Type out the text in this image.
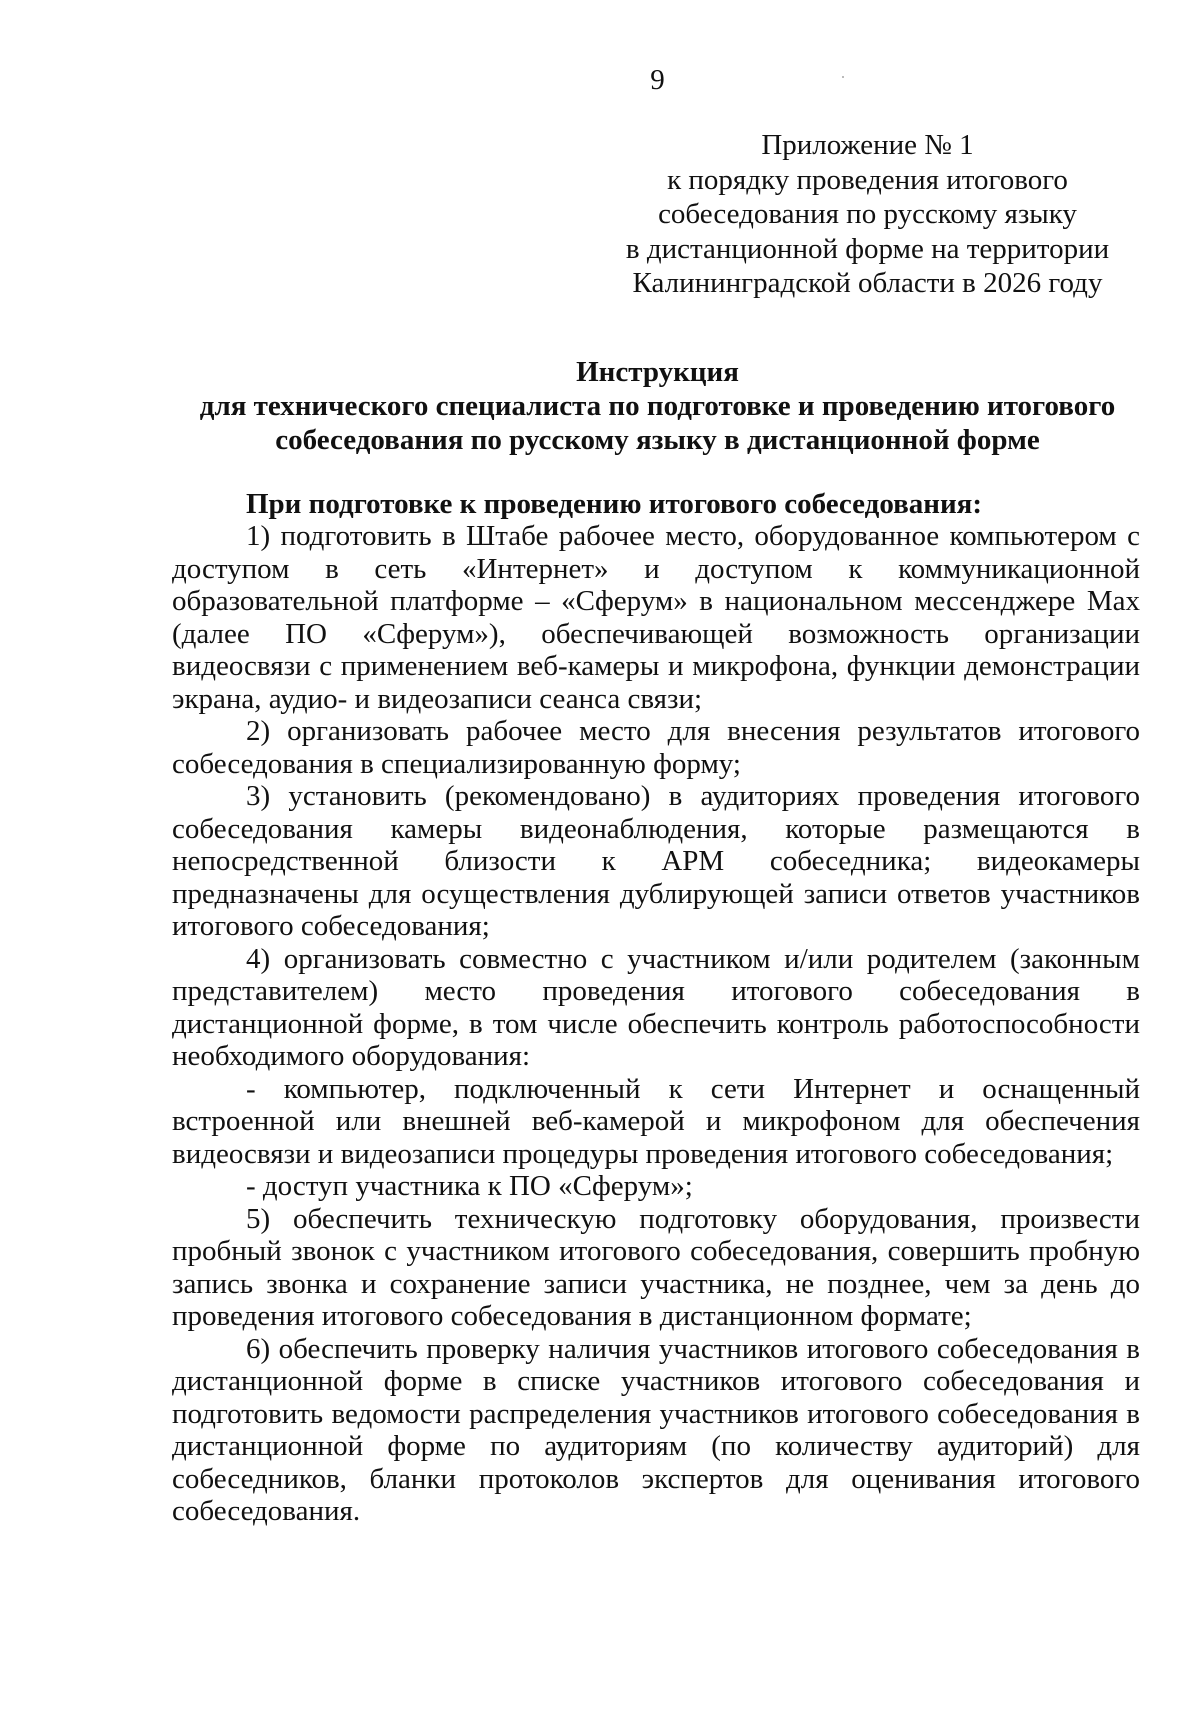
9
Приложение № 1
к порядку проведения итогового
собеседования по русскому языку
в дистанционной форме на территории
Калининградской области в 2026 году
Инструкция
для технического специалиста по подготовке и проведению итогового
собеседования по русскому языку в дистанционной форме
При подготовке к проведению итогового собеседования:

1) подготовить в Штабе рабочее место, оборудованное компьютером с доступом в сеть «Интернет» и доступом к коммуникационной образовательной платформе – «Сферум» в национальном мессенджере Max (далее ПО «Сферум»), обеспечивающей возможность организации видеосвязи с применением веб-камеры и микрофона, функции демонстрации экрана, аудио- и видеозаписи сеанса связи;

2) организовать рабочее место для внесения результатов итогового собеседования в специализированную форму;

3) установить (рекомендовано) в аудиториях проведения итогового собеседования камеры видеонаблюдения, которые размещаются в непосредственной близости к АРМ собеседника; видеокамеры предназначены для осуществления дублирующей записи ответов участников итогового собеседования;

4) организовать совместно с участником и/или родителем (законным представителем) место проведения итогового собеседования в дистанционной форме, в том числе обеспечить контроль работоспособности необходимого оборудования:

- компьютер, подключенный к сети Интернет и оснащенный встроенной или внешней веб-камерой и микрофоном для обеспечения видеосвязи и видеозаписи процедуры проведения итогового собеседования;

- доступ участника к ПО «Сферум»;

5) обеспечить техническую подготовку оборудования, произвести пробный звонок с участником итогового собеседования, совершить пробную запись звонка и сохранение записи участника, не позднее, чем за день до проведения итогового собеседования в дистанционном формате;

6) обеспечить проверку наличия участников итогового собеседования в дистанционной форме в списке участников итогового собеседования и подготовить ведомости распределения участников итогового собеседования в дистанционной форме по аудиториям (по количеству аудиторий) для собеседников, бланки протоколов экспертов для оценивания итогового собеседования.
